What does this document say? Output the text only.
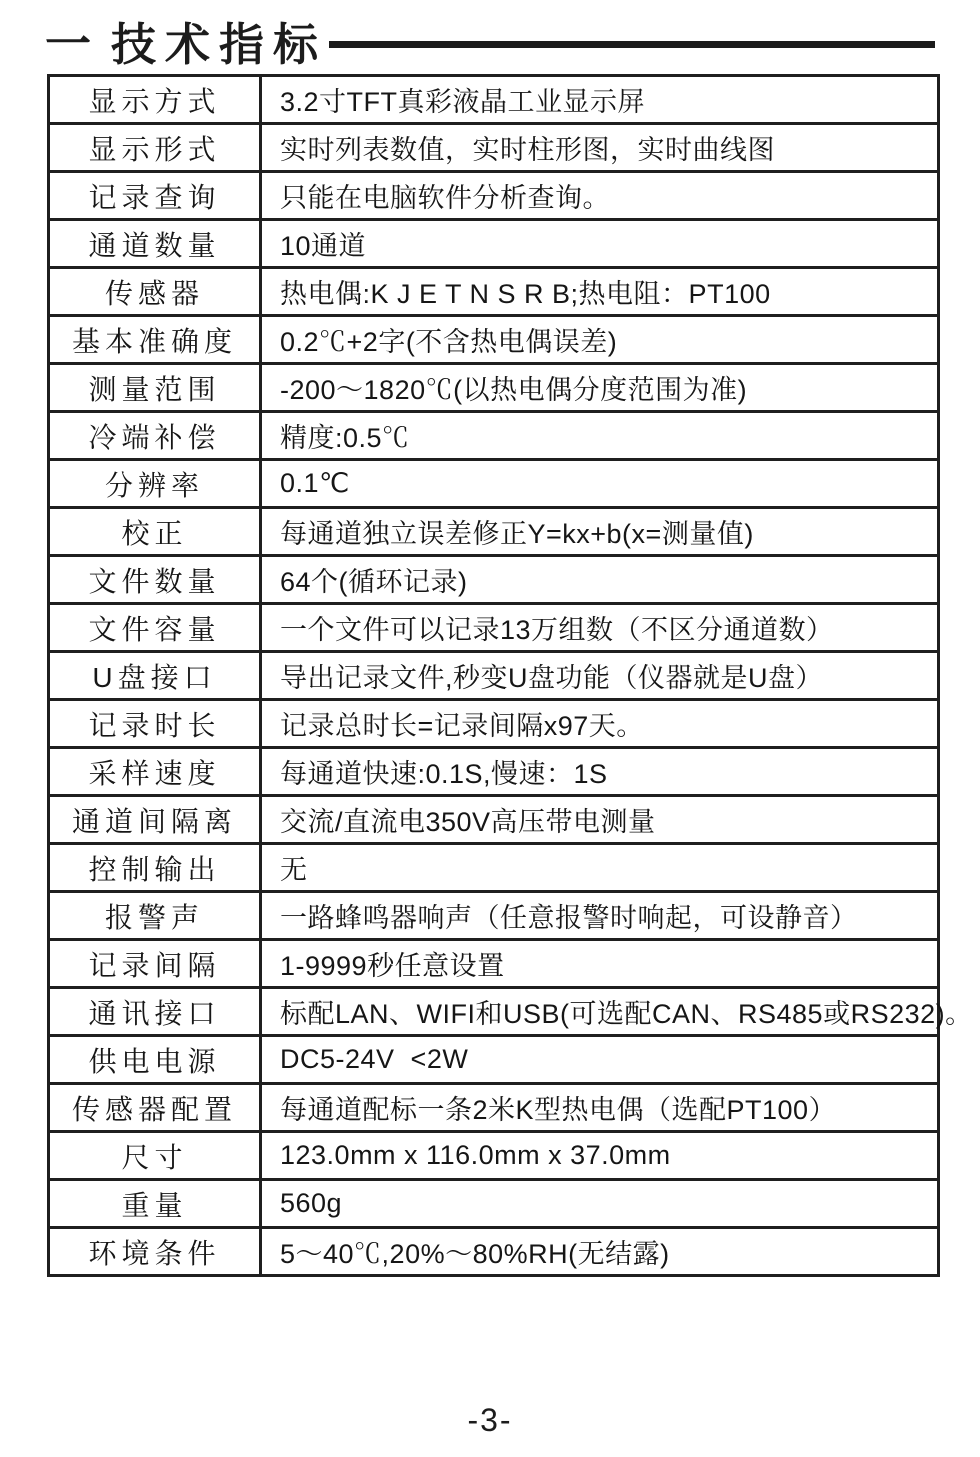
一 技术指标
显示方式	3.2寸TFT真彩液晶工业显示屏
显示形式	实时列表数值，实时柱形图，实时曲线图
记录查询	只能在电脑软件分析查询。
通道数量	10通道
传感器	热电偶:K J E T N S R B;热电阻：PT100
基本准确度	0.2℃+2字(不含热电偶误差)
测量范围	-200～1820℃(以热电偶分度范围为准)
冷端补偿	精度:0.5℃
分辨率	0.1℃
校正	每通道独立误差修正Y=kx+b(x=测量值)
文件数量	64个(循环记录)
文件容量	一个文件可以记录13万组数（不区分通道数）
U盘接口	导出记录文件,秒变U盘功能（仪器就是U盘）
记录时长	记录总时长=记录间隔x97天。
采样速度	每通道快速:0.1S,慢速：1S
通道间隔离	交流/直流电350V高压带电测量
控制输出	无
报警声	一路蜂鸣器响声（任意报警时响起，可设静音）
记录间隔	1-9999秒任意设置
通讯接口	标配LAN、WIFI和USB(可选配CAN、RS485或RS232)。
供电电源	DC5-24V  <2W
传感器配置	每通道配标一条2米K型热电偶（选配PT100）
尺寸	123.0mm x 116.0mm x 37.0mm
重量	560g
环境条件	5～40℃,20%～80%RH(无结露)
-3-
